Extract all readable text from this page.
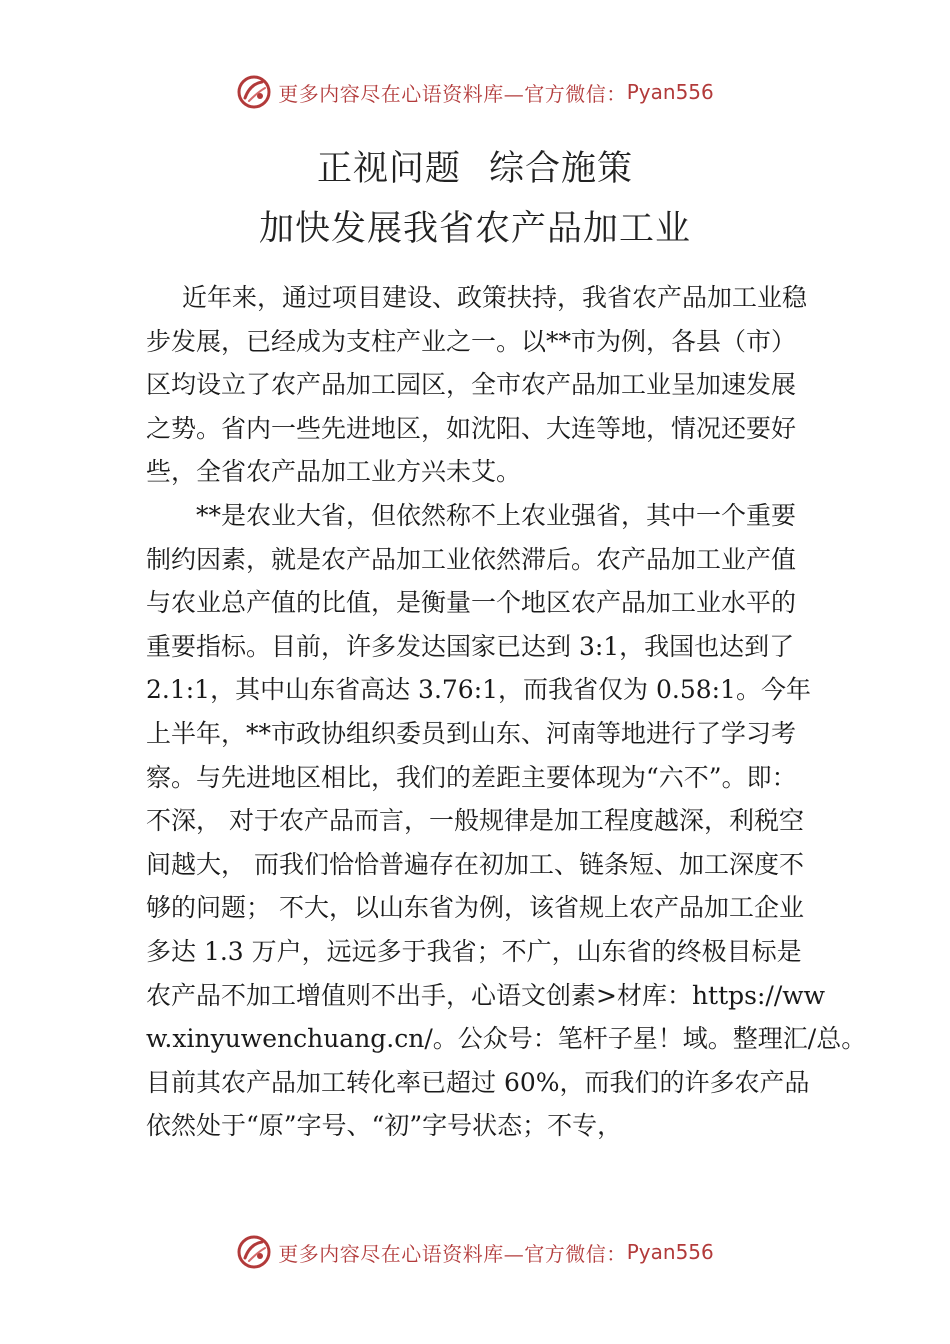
更多内容尽在心语资料库—官方微信： Pyan556
正视问题 综合施策
加快发展我省农产品加工业
近年来，通过项目建设、政策扶持，我省农产品加工业稳
步发展，已经成为支柱产业之一。以**市为例，各县（市）
区均设立了农产品加工园区，全市农产品加工业呈加速发展
之势。省内一些先进地区，如沈阳、大连等地，情况还要好
些，全省农产品加工业方兴未艾。
**是农业大省，但依然称不上农业强省，其中一个重要
制约因素，就是农产品加工业依然滞后。农产品加工业产值
与农业总产值的比值，是衡量一个地区农产品加工业水平的
重要指标。目前，许多发达国家已达到 3:1，我国也达到了
2.1:1，其中山东省高达 3.76:1，而我省仅为 0.58:1。今年
上半年，**市政协组织委员到山东、河南等地进行了学习考
察。与先进地区相比，我们的差距主要体现为“六不”。即：
不深， 对于农产品而言，一般规律是加工程度越深，利税空
间越大， 而我们恰恰普遍存在初加工、链条短、加工深度不
够的问题； 不大，以山东省为例，该省规上农产品加工企业
多达 1.3 万户，远远多于我省；不广，山东省的终极目标是
农产品不加工增值则不出手，心语文创素>材库：https://ww
w.xinyuwenchuang.cn/。公众号：笔杆子星！域。整理汇/总。
目前其农产品加工转化率已超过 60%，而我们的许多农产品
依然处于“原”字号、“初”字号状态；不专，
更多内容尽在心语资料库—官方微信： Pyan556
